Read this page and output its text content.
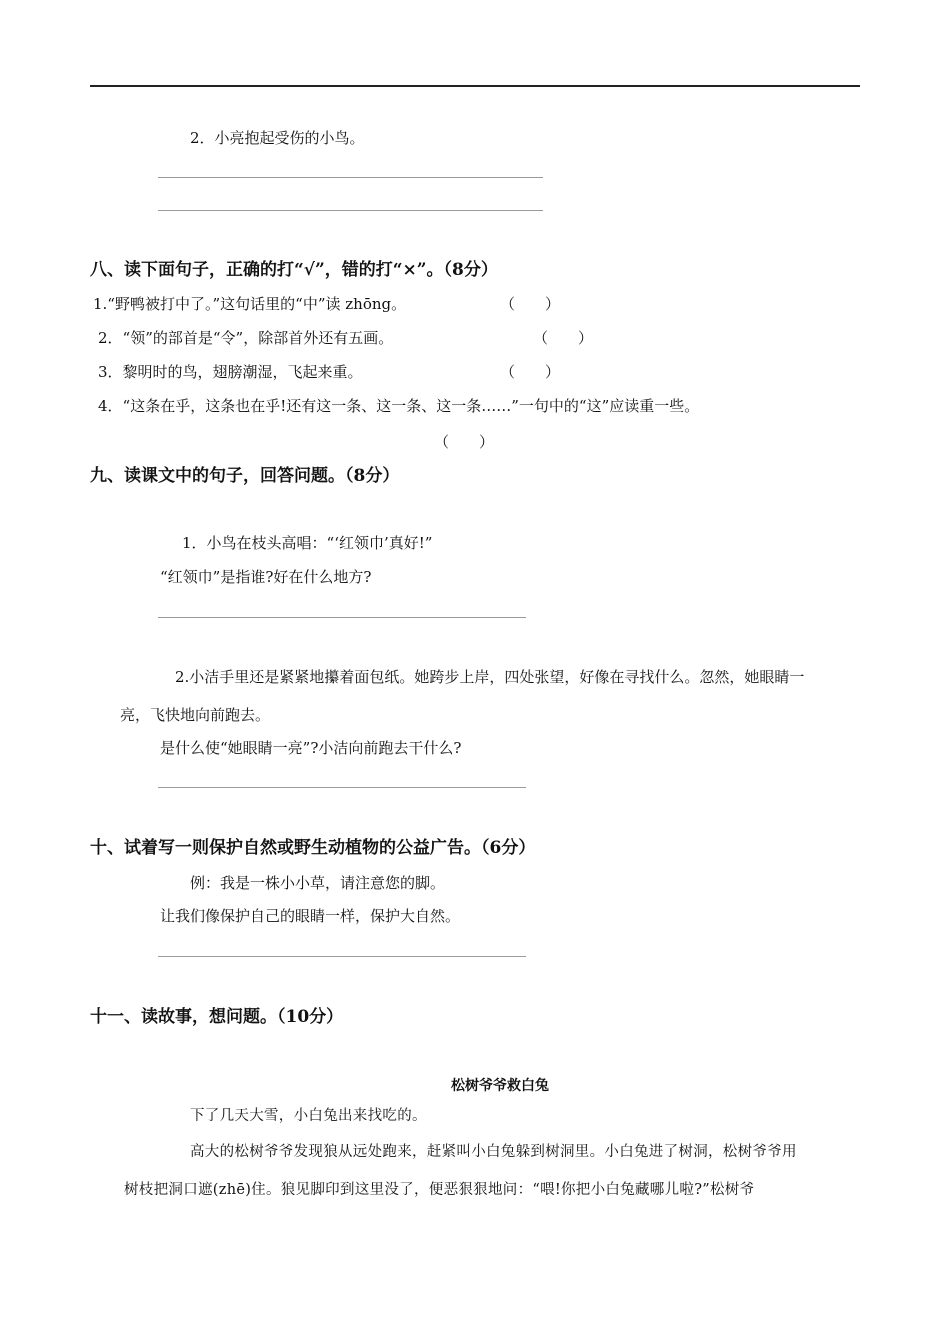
2．小亮抱起受伤的小鸟。
八、读下面句子，正确的打“√”，错的打“×”。（8分）
1.“野鸭被打中了。”这句话里的“中”读 zhōng。	（　　）
2．“领”的部首是“令”，除部首外还有五画。	（　　）
3．黎明时的鸟，翅膀潮湿，飞起来重。	（　　）
4．“这条在乎，这条也在乎!还有这一条、这一条、这一条……”一句中的“这”应读重一些。
（　　）
九、读课文中的句子，回答问题。（8分）
1．小鸟在枝头高唱：“‘红领巾’真好!”
“红领巾”是指谁?好在什么地方?
2.小洁手里还是紧紧地攥着面包纸。她跨步上岸，四处张望，好像在寻找什么。忽然，她眼睛一
亮，飞快地向前跑去。
是什么使“她眼睛一亮”?小洁向前跑去干什么?
十、试着写一则保护自然或野生动植物的公益广告。（6分）
例：我是一株小小草，请注意您的脚。
让我们像保护自己的眼睛一样，保护大自然。
十一、读故事，想问题。（10分）
松树爷爷救白兔
下了几天大雪，小白兔出来找吃的。
高大的松树爷爷发现狼从远处跑来，赶紧叫小白兔躲到树洞里。小白兔进了树洞，松树爷爷用
树枝把洞口遮(zhē)住。狼见脚印到这里没了，便恶狠狠地问：“喂!你把小白兔藏哪儿啦?”松树爷
